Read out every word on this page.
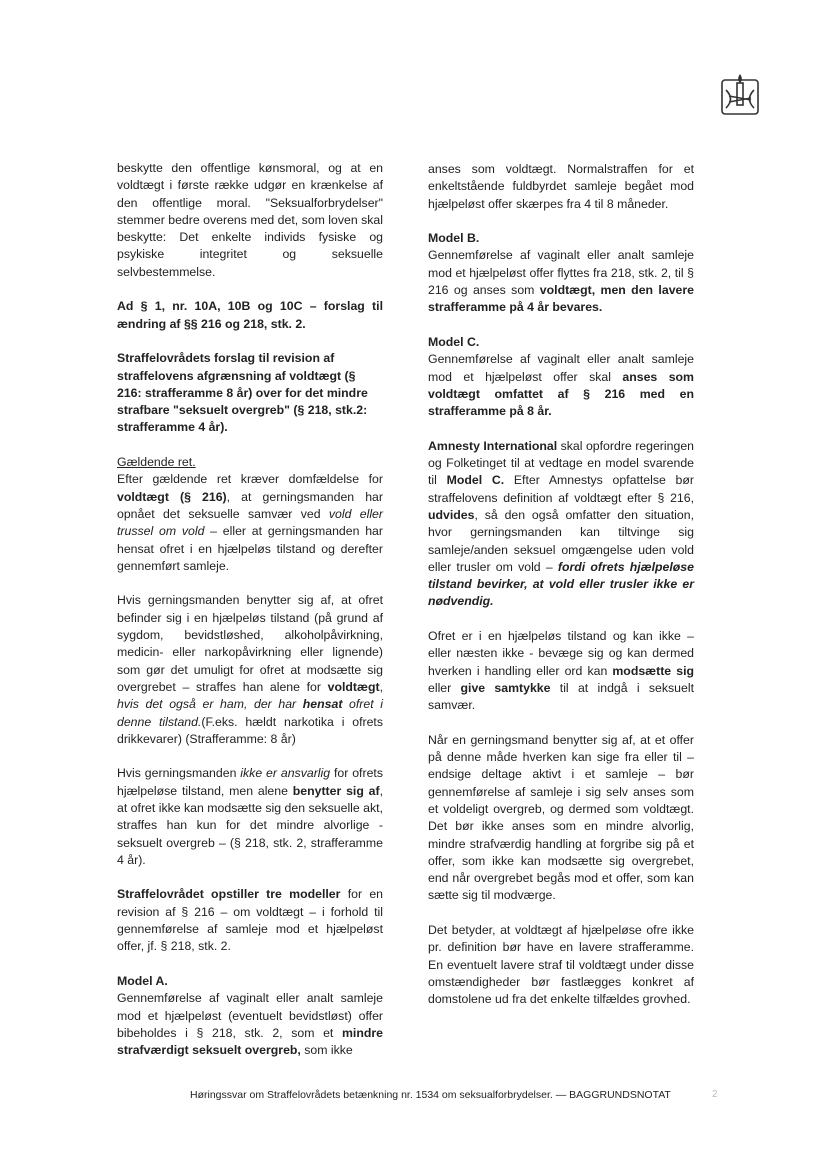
beskytte den offentlige kønsmoral, og at en voldtægt i første række udgør en krænkelse af den offentlige moral. "Seksualforbrydelser" stemmer bedre overens med det, som loven skal beskytte: Det enkelte individs fysiske og psykiske integritet og seksuelle selvbestemmelse.

Ad § 1, nr. 10A, 10B og 10C – forslag til ændring af §§ 216 og 218, stk. 2.

Straffelovrådets forslag til revision af straffelovens afgrænsning af voldtægt (§ 216: strafferamme 8 år) over for det mindre strafbare "seksuelt overgreb" (§ 218, stk.2: strafferamme 4 år).

Gældende ret.

Efter gældende ret kræver domfældelse for voldtægt (§ 216), at gerningsmanden har opnået det seksuelle samvær ved vold eller trussel om vold – eller at gerningsmanden har hensat ofret i en hjælpeløs tilstand og derefter gennemført samleje.

Hvis gerningsmanden benytter sig af, at ofret befinder sig i en hjælpeløs tilstand (på grund af sygdom, bevidstløshed, alkoholpåvirkning, medicin- eller narkopåvirkning eller lignende) som gør det umuligt for ofret at modsætte sig overgrebet – straffes han alene for voldtægt, hvis det også er ham, der har hensat ofret i denne tilstand.(F.eks. hældt narkotika i ofrets drikkevarer) (Strafferamme: 8 år)

Hvis gerningsmanden ikke er ansvarlig for ofrets hjælpeløse tilstand, men alene benytter sig af, at ofret ikke kan modsætte sig den seksuelle akt, straffes han kun for det mindre alvorlige - seksuelt overgreb – (§ 218, stk. 2, strafferamme 4 år).

Straffelovrådet opstiller tre modeller for en revision af § 216 – om voldtægt – i forhold til gennemførelse af samleje mod et hjælpeløst offer, jf. § 218, stk. 2.

Model A.

Gennemførelse af vaginalt eller analt samleje mod et hjælpeløst (eventuelt bevidstløst) offer bibeholdes i § 218, stk. 2, som et mindre strafværdigt seksuelt overgreb, som ikke

anses som voldtægt. Normalstraffen for et enkeltstående fuldbyrdet samleje begået mod hjælpeløst offer skærpes fra 4 til 8 måneder.

Model B.

Gennemførelse af vaginalt eller analt samleje mod et hjælpeløst offer flyttes fra 218, stk. 2, til § 216 og anses som voldtægt, men den lavere strafferamme på 4 år bevares.

Model C.

Gennemførelse af vaginalt eller analt samleje mod et hjælpeløst offer skal anses som voldtægt omfattet af § 216 med en strafferamme på 8 år.

Amnesty International skal opfordre regeringen og Folketinget til at vedtage en model svarende til Model C. Efter Amnestys opfattelse bør straffelovens definition af voldtægt efter § 216, udvides, så den også omfatter den situation, hvor gerningsmanden kan tiltvinge sig samleje/anden seksuel omgængelse uden vold eller trusler om vold – fordi ofrets hjælpeløse tilstand bevirker, at vold eller trusler ikke er nødvendig.

Ofret er i en hjælpeløs tilstand og kan ikke – eller næsten ikke - bevæge sig og kan dermed hverken i handling eller ord kan modsætte sig eller give samtykke til at indgå i seksuelt samvær.

Når en gerningsmand benytter sig af, at et offer på denne måde hverken kan sige fra eller til – endsige deltage aktivt i et samleje – bør gennemførelse af samleje i sig selv anses som et voldeligt overgreb, og dermed som voldtægt. Det bør ikke anses som en mindre alvorlig, mindre strafværdig handling at forgribe sig på et offer, som ikke kan modsætte sig overgrebet, end når overgrebet begås mod et offer, som kan sætte sig til modværge.

Det betyder, at voldtægt af hjælpeløse ofre ikke pr. definition bør have en lavere strafferamme. En eventuelt lavere straf til voldtægt under disse omstændigheder bør fastlægges konkret af domstolene ud fra det enkelte tilfældes grovhed.

Høringssvar om Straffelovrådets betænkning nr. 1534 om seksualforbrydelser. — BAGGRUNDSNOTAT	2
